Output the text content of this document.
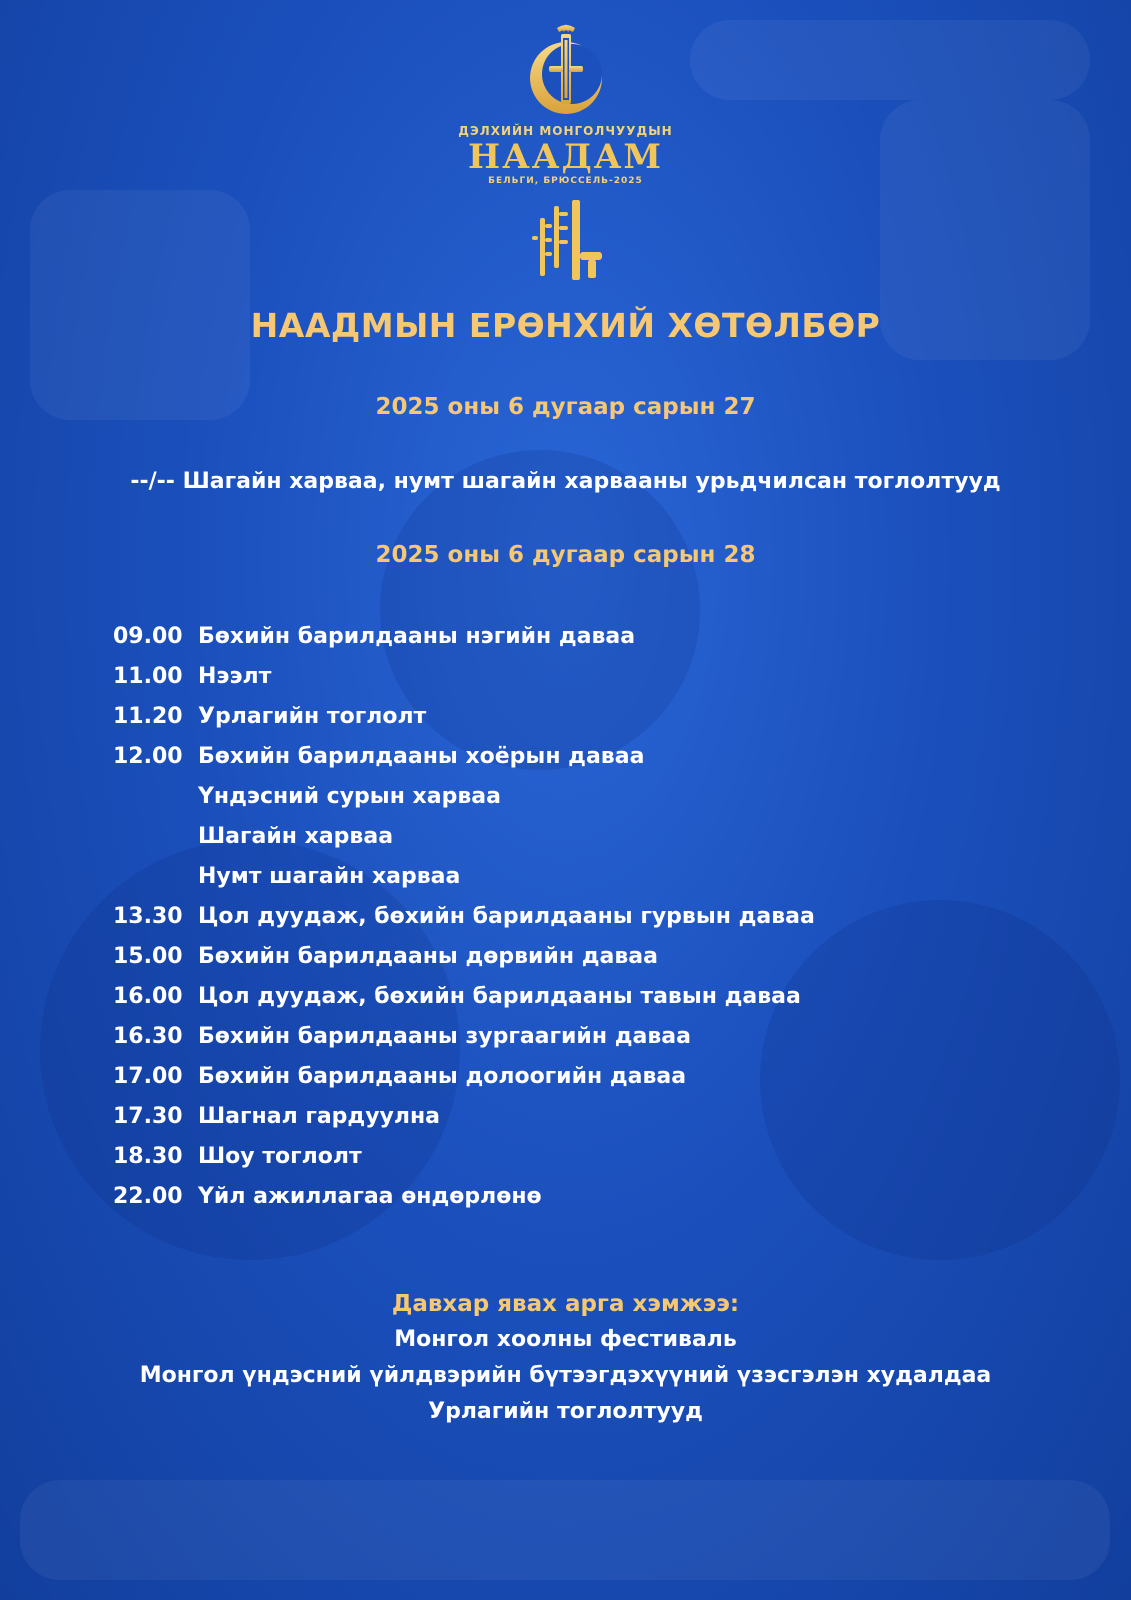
ДЭЛХИЙН МОНГОЛЧУУДЫН
НААДАМ
БЕЛЬГИ, БРЮССЕЛЬ-2025
НААДМЫН ЕРӨНХИЙ ХӨТӨЛБӨР
2025 оны 6 дугаар сарын 27
--/-- Шагайн харваа, нумт шагайн харвааны урьдчилсан тоглолтууд
2025 оны 6 дугаар сарын 28
09.00 Бөхийн барилдааны нэгийн даваа
11.00 Нээлт
11.20 Урлагийн тоглолт
12.00 Бөхийн барилдааны хоёрын даваа
Үндэсний сурын харваа
Шагайн харваа
Нумт шагайн харваа
13.30 Цол дуудаж, бөхийн барилдааны гурвын даваа
15.00 Бөхийн барилдааны дөрвийн даваа
16.00 Цол дуудаж, бөхийн барилдааны тавын даваа
16.30 Бөхийн барилдааны зургаагийн даваа
17.00 Бөхийн барилдааны долоогийн даваа
17.30 Шагнал гардуулна
18.30 Шоу тоглолт
22.00 Үйл ажиллагаа өндөрлөнө
Давхар явах арга хэмжээ:
Монгол хоолны фестиваль
Монгол үндэсний үйлдвэрийн бүтээгдэхүүний үзэсгэлэн худалдаа
Урлагийн тоглолтууд
